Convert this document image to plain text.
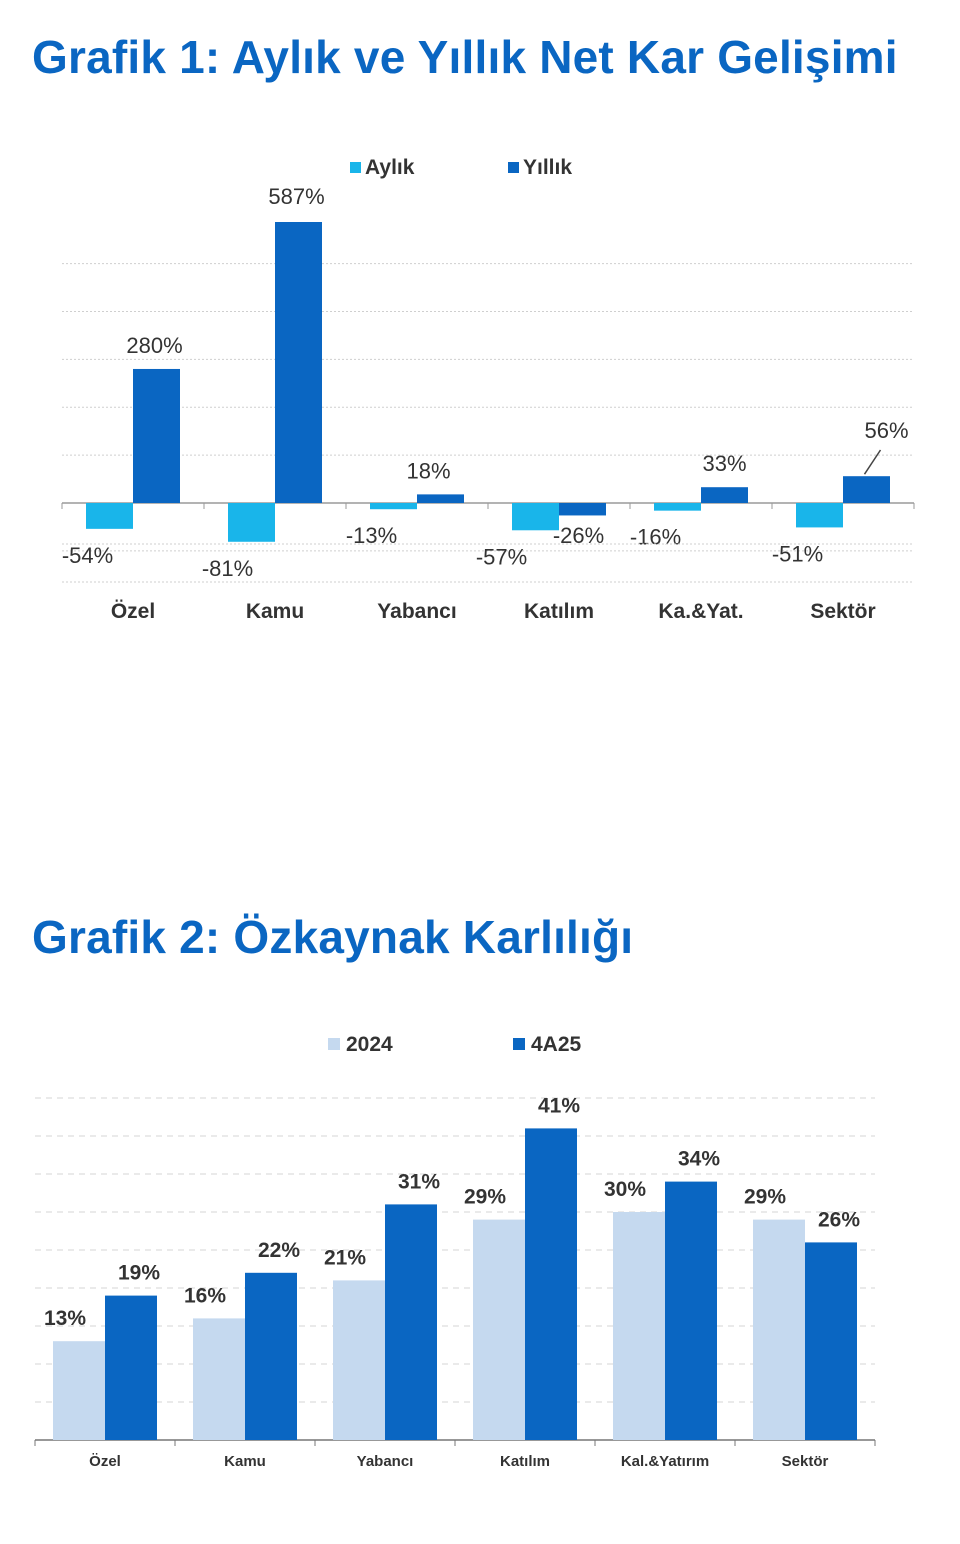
Grafik 1: Aylık ve Yıllık Net Kar Gelişimi
Aylık	Yıllık
-54%
280%
Özel
-81%
587%
Kamu
-13%
18%
Yabancı
-57%
-26%
Katılım
-16%
33%
Ka.&Yat.
-51%
56%
Sektör
Grafik 2: Özkaynak Karlılığı
2024	4A25
13%
19%
Özel
16%
22%
Kamu
21%
31%
Yabancı
29%
41%
Katılım
30%
34%
Kal.&Yatırım
29%
26%
Sektör
